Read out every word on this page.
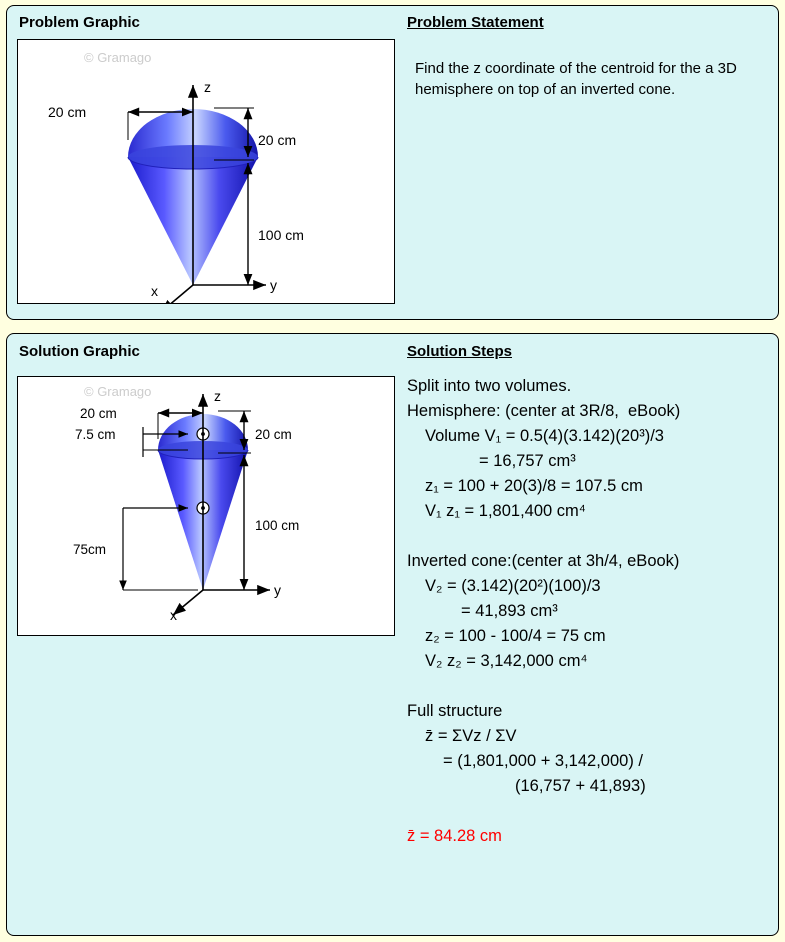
Problem Graphic	Problem Statement
© Gramago
z
y
x
20 cm
20 cm
100 cm
Find the z coordinate of the centroid for the a 3D hemisphere on top of an inverted cone.
Solution Graphic	Solution Steps
© Gramago	z
y
x
20 cm
7.5 cm
75cm
20 cm
100 cm
Split into two volumes.
Hemisphere: (center at 3R/8,  eBook)
Volume V₁ = 0.5(4)(3.142)(20³)/3
= 16,757 cm³
z₁ = 100 + 20(3)/8 = 107.5 cm
V₁ z₁ = 1,801,400 cm⁴

Inverted cone:(center at 3h/4, eBook)
V₂ = (3.142)(20²)(100)/3
= 41,893 cm³
z₂ = 100 - 100/4 = 75 cm
V₂ z₂ = 3,142,000 cm⁴

Full structure
z̄ = ΣVz / ΣV
= (1,801,000 + 3,142,000) /
(16,757 + 41,893)

z̄ = 84.28 cm
